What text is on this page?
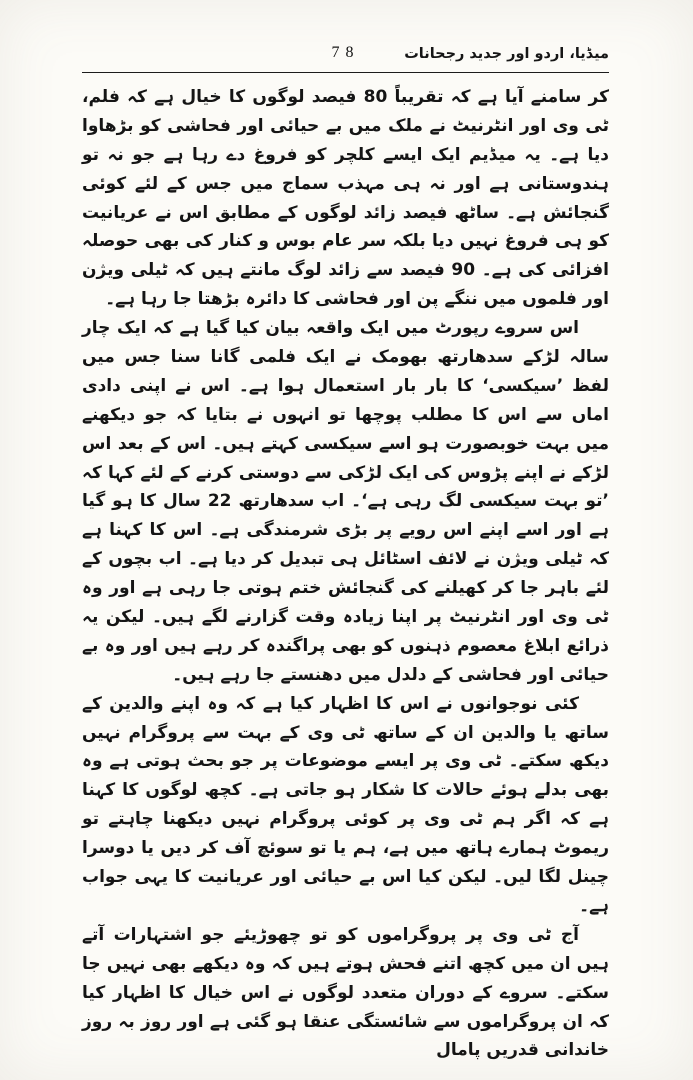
78	میڈیا، اردو اور جدید رجحانات

کر سامنے آیا ہے کہ تقریباً 80 فیصد لوگوں کا خیال ہے کہ فلم، ٹی وی اور انٹرنیٹ نے ملک میں بے حیائی اور فحاشی کو بڑھاوا دیا ہے۔ یہ میڈیم ایک ایسے کلچر کو فروغ دے رہا ہے جو نہ تو ہندوستانی ہے اور نہ ہی مہذب سماج میں جس کے لئے کوئی گنجائش ہے۔ ساٹھ فیصد زائد لوگوں کے مطابق اس نے عریانیت کو ہی فروغ نہیں دیا بلکہ سر عام بوس و کنار کی بھی حوصلہ افزائی کی ہے۔ 90 فیصد سے زائد لوگ مانتے ہیں کہ ٹیلی ویژن اور فلموں میں ننگے پن اور فحاشی کا دائرہ بڑھتا جا رہا ہے۔

اس سروے رپورٹ میں ایک واقعہ بیان کیا گیا ہے کہ ایک چار سالہ لڑکے سدھارتھ بھومک نے ایک فلمی گانا سنا جس میں لفظ ’سیکسی‘ کا بار بار استعمال ہوا ہے۔ اس نے اپنی دادی اماں سے اس کا مطلب پوچھا تو انہوں نے بتایا کہ جو دیکھنے میں بہت خوبصورت ہو اسے سیکسی کہتے ہیں۔ اس کے بعد اس لڑکے نے اپنے پڑوس کی ایک لڑکی سے دوستی کرنے کے لئے کہا کہ ’تو بہت سیکسی لگ رہی ہے‘۔ اب سدھارتھ 22 سال کا ہو گیا ہے اور اسے اپنے اس رویے پر بڑی شرمندگی ہے۔ اس کا کہنا ہے کہ ٹیلی ویژن نے لائف اسٹائل ہی تبدیل کر دیا ہے۔ اب بچوں کے لئے باہر جا کر کھیلنے کی گنجائش ختم ہوتی جا رہی ہے اور وہ ٹی وی اور انٹرنیٹ پر اپنا زیادہ وقت گزارنے لگے ہیں۔ لیکن یہ ذرائع ابلاغ معصوم ذہنوں کو بھی پراگندہ کر رہے ہیں اور وہ بے حیائی اور فحاشی کے دلدل میں دھنستے جا رہے ہیں۔

کئی نوجوانوں نے اس کا اظہار کیا ہے کہ وہ اپنے والدین کے ساتھ یا والدین ان کے ساتھ ٹی وی کے بہت سے پروگرام نہیں دیکھ سکتے۔ ٹی وی پر ایسے موضوعات پر جو بحث ہوتی ہے وہ بھی بدلے ہوئے حالات کا شکار ہو جاتی ہے۔ کچھ لوگوں کا کہنا ہے کہ اگر ہم ٹی وی پر کوئی پروگرام نہیں دیکھنا چاہتے تو ریموٹ ہمارے ہاتھ میں ہے، ہم یا تو سوئچ آف کر دیں یا دوسرا چینل لگا لیں۔ لیکن کیا اس بے حیائی اور عریانیت کا یہی جواب ہے۔

آج ٹی وی پر پروگراموں کو تو چھوڑیئے جو اشتہارات آتے ہیں ان میں کچھ اتنے فحش ہوتے ہیں کہ وہ دیکھے بھی نہیں جا سکتے۔ سروے کے دوران متعدد لوگوں نے اس خیال کا اظہار کیا کہ ان پروگراموں سے شائستگی عنقا ہو گئی ہے اور روز بہ روز خاندانی قدریں پامال
